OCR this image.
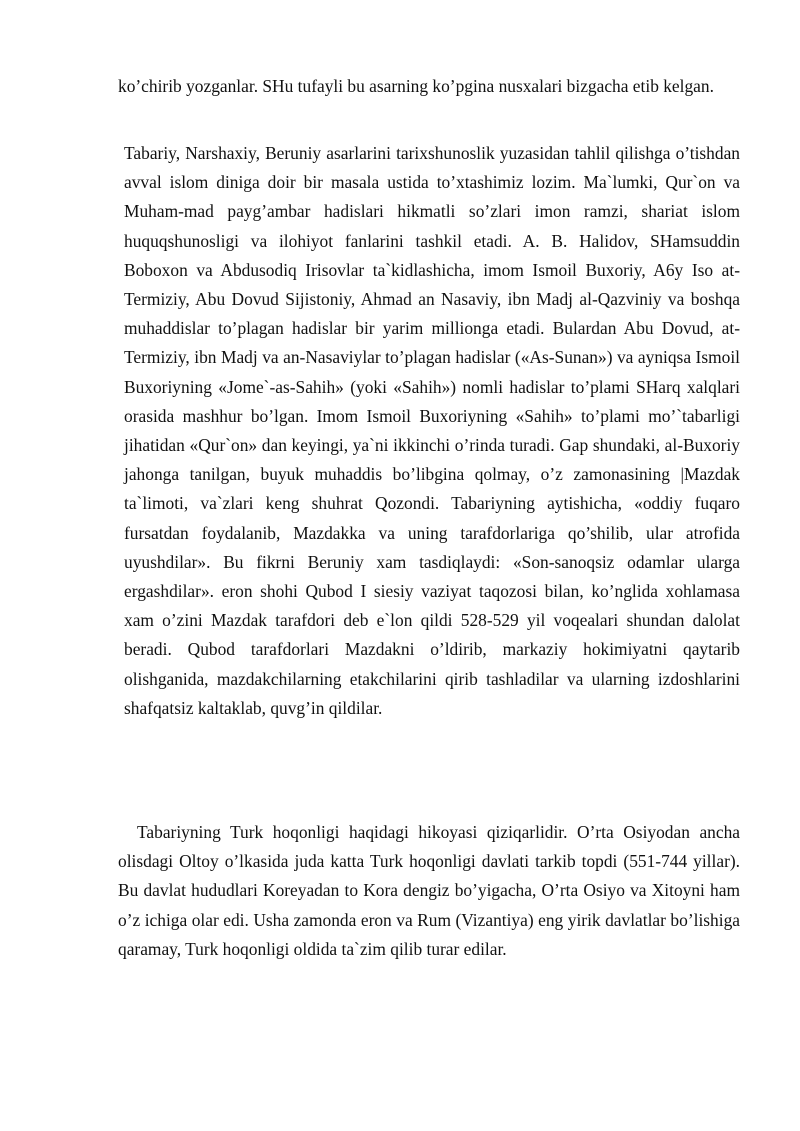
ko’chirib yozganlar. SHu tufayli bu asarning ko’pgina nusxalari bizgacha etib kelgan.

Tabariy, Narshaxiy, Beruniy asarlarini tarixshunoslik yuzasidan tahlil qilishga o’tishdan avval islom diniga doir bir masala ustida to’xtashimiz lozim. Ma`lumki, Qur`on va Muham-mad payg’ambar hadislari hikmatli so’zlari imon ramzi, shariat islom huquqshunosligi va ilohiyot fanlarini tashkil etadi. A. B. Halidov, SHamsuddin Boboxon va Abdusodiq Irisovlar ta`kidlashicha, imom Ismoil Buxoriy, A6y Iso at-Termiziy, Abu Dovud Sijistoniy, Ahmad an Nasaviy, ibn Madj al-Qazviniy va boshqa muhaddislar to’plagan hadislar bir yarim millionga etadi. Bulardan Abu Dovud, at-Termiziy, ibn Madj va an-Nasaviylar to’plagan hadislar («As-Sunan») va ayniqsa Ismoil Buxoriyning «Jome`-as-Sahih» (yoki «Sahih») nomli hadislar to’plami SHarq xalqlari orasida mashhur bo’lgan. Imom Ismoil Buxoriyning «Sahih» to’plami mo’`tabarligi jihatidan «Qur`on» dan keyingi, ya`ni ikkinchi o’rinda turadi. Gap shundaki, al-Buxoriy jahonga tanilgan, buyuk muhaddis bo’libgina qolmay, o’z zamonasining |Mazdak ta`limoti, va`zlari keng shuhrat Qozondi. Tabariyning aytishicha, «oddiy fuqaro fursatdan foydalanib, Mazdakka va uning tarafdorlariga qo’shilib, ular atrofida uyushdilar». Bu fikrni Beruniy xam tasdiqlaydi: «Son-sanoqsiz odamlar ularga ergashdilar». eron shohi Qubod I siesiy vaziyat taqozosi bilan, ko’nglida xohlamasa xam o’zini Mazdak tarafdori deb e`lon qildi 528-529 yil voqealari shundan dalolat beradi. Qubod tarafdorlari Mazdakni o’ldirib, markaziy hokimiyatni qaytarib olishganida, mazdakchilarning etakchilarini qirib tashladilar va ularning izdoshlarini shafqatsiz kaltaklab, quvg’in qildilar.

Tabariyning Turk hoqonligi haqidagi hikoyasi qiziqarlidir. O’rta Osiyodan ancha olisdagi Oltoy o’lkasida juda katta Turk hoqonligi davlati tarkib topdi (551-744 yillar). Bu davlat hududlari Koreyadan to Kora dengiz bo’yigacha, O’rta Osiyo va Xitoyni ham o’z ichiga olar edi. Usha zamonda eron va Rum (Vizantiya) eng yirik davlatlar bo’lishiga qaramay, Turk hoqonligi oldida ta`zim qilib turar edilar.
